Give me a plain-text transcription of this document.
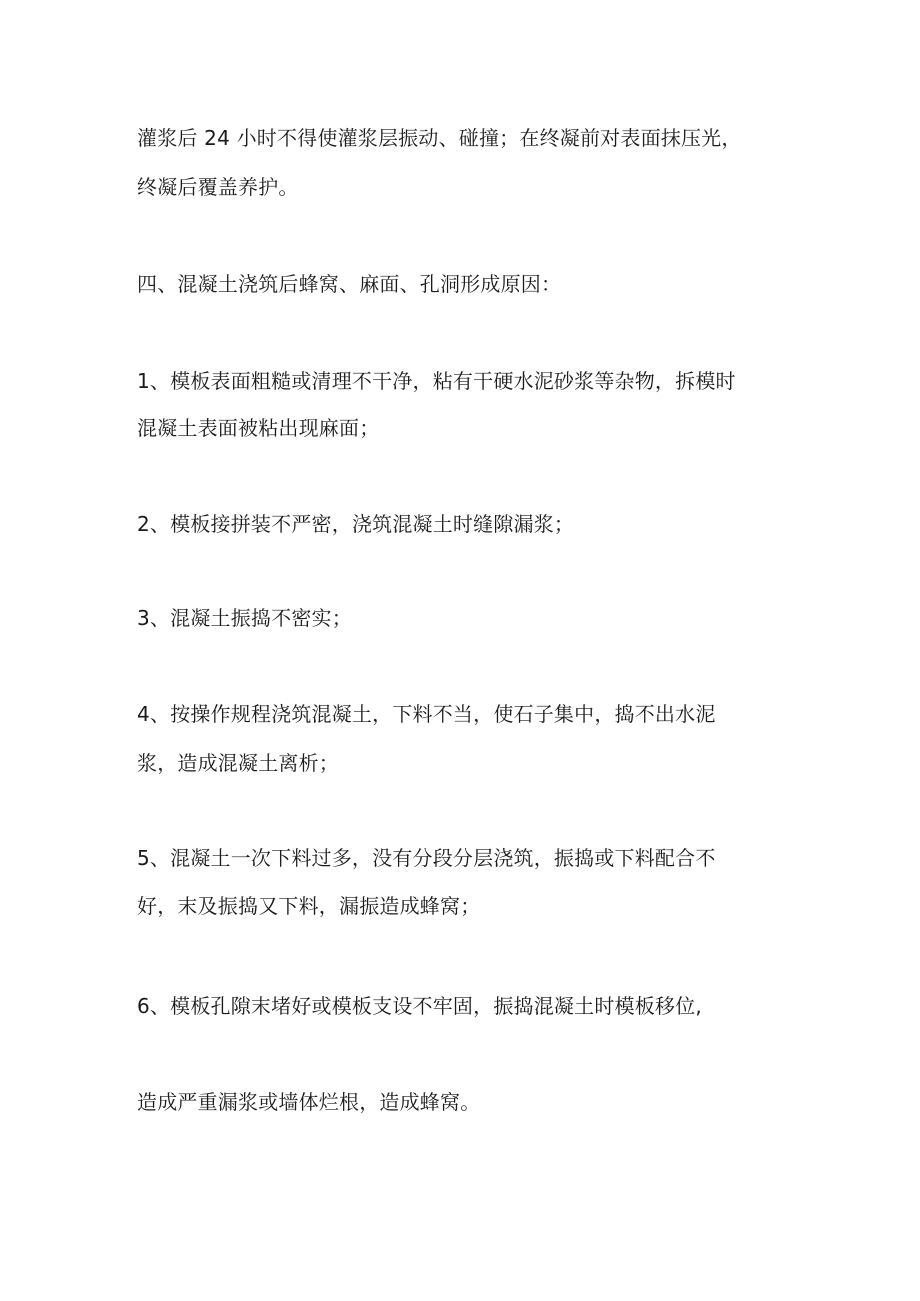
灌浆后 24 小时不得使灌浆层振动、碰撞；在终凝前对表面抹压光，
终凝后覆盖养护。
四、混凝土浇筑后蜂窝、麻面、孔洞形成原因：
1、模板表面粗糙或清理不干净，粘有干硬水泥砂浆等杂物，拆模时
混凝土表面被粘出现麻面；
2、模板接拼装不严密，浇筑混凝土时缝隙漏浆；
3、混凝土振捣不密实；
4、按操作规程浇筑混凝土，下料不当，使石子集中，捣不出水泥
浆，造成混凝土离析；
5、混凝土一次下料过多，没有分段分层浇筑，振捣或下料配合不
好，末及振捣又下料，漏振造成蜂窝；
6、模板孔隙末堵好或模板支设不牢固，振捣混凝土时模板移位,
造成严重漏浆或墙体烂根，造成蜂窝。
